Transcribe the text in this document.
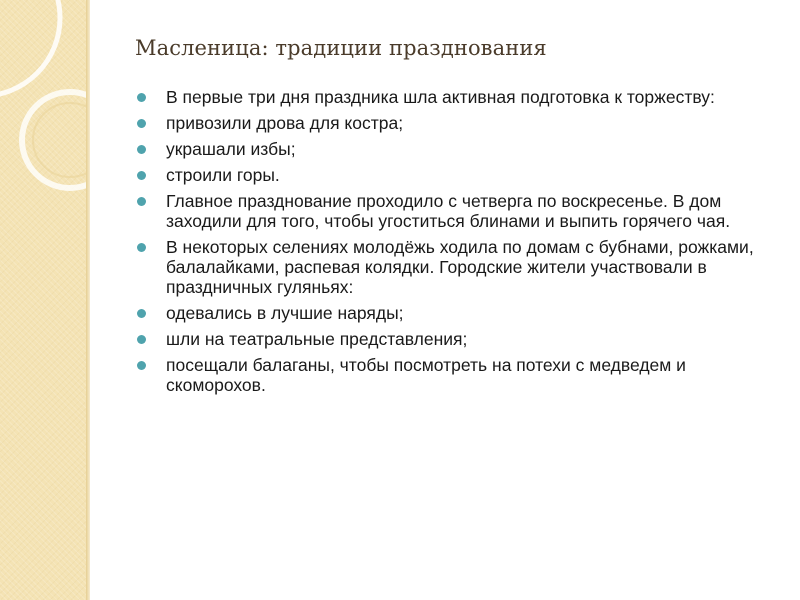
Масленица: традиции празднования
В первые три дня праздника шла активная подготовка к торжеству:
привозили дрова для костра;
украшали избы;
строили горы.
Главное празднование проходило с четверга по воскресенье. В дом заходили для того, чтобы угоститься блинами и выпить горячего чая.
В некоторых селениях молодёжь ходила по домам с бубнами, рожками, балалайками, распевая колядки. Городские жители участвовали в праздничных гуляньях:
одевались в лучшие наряды;
шли на театральные представления;
посещали балаганы, чтобы посмотреть на потехи с медведем и скоморохов.
